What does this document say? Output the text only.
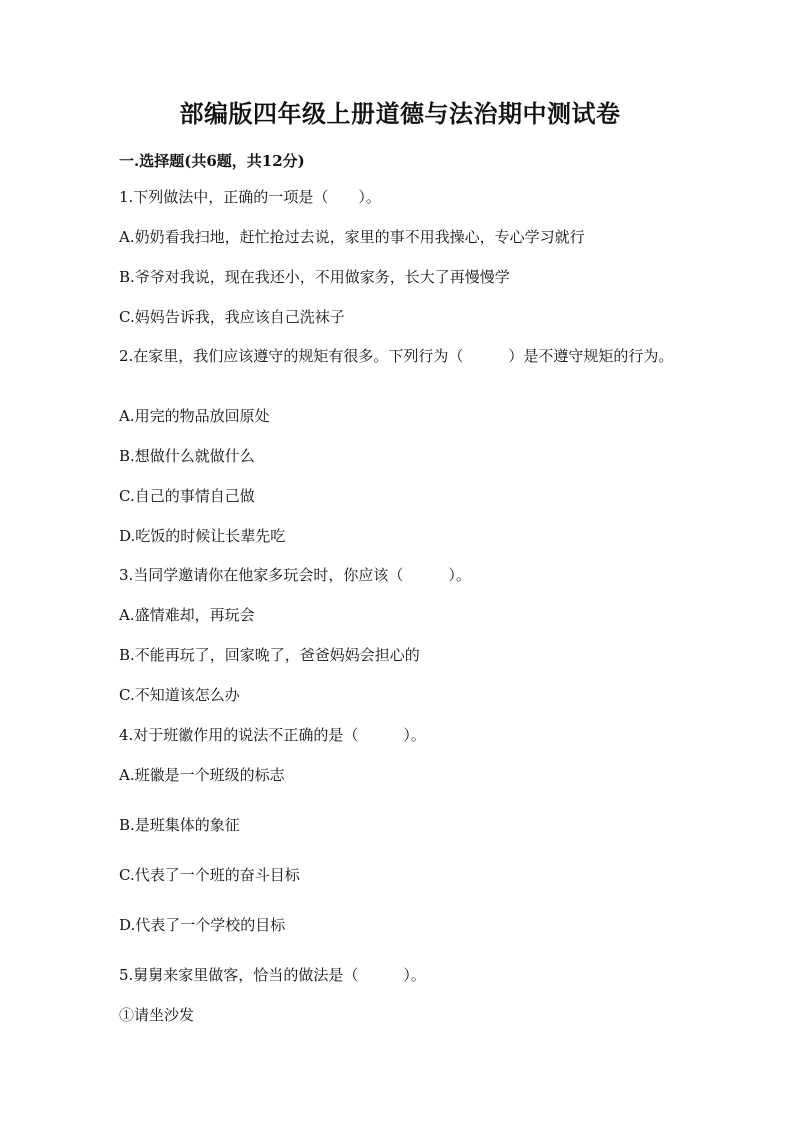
部编版四年级上册道德与法治期中测试卷
一.选择题(共6题，共12分)
1.下列做法中，正确的一项是（　　）。
A.奶奶看我扫地，赶忙抢过去说，家里的事不用我操心，专心学习就行
B.爷爷对我说，现在我还小，不用做家务，长大了再慢慢学
C.妈妈告诉我，我应该自己洗袜子
2.在家里，我们应该遵守的规矩有很多。下列行为（　　　）是不遵守规矩的行为。
A.用完的物品放回原处
B.想做什么就做什么
C.自己的事情自己做
D.吃饭的时候让长辈先吃
3.当同学邀请你在他家多玩会时，你应该（　　　）。
A.盛情难却，再玩会
B.不能再玩了，回家晚了，爸爸妈妈会担心的
C.不知道该怎么办
4.对于班徽作用的说法不正确的是（　　　）。
A.班徽是一个班级的标志
B.是班集体的象征
C.代表了一个班的奋斗目标
D.代表了一个学校的目标
5.舅舅来家里做客，恰当的做法是（　　　）。
①请坐沙发
